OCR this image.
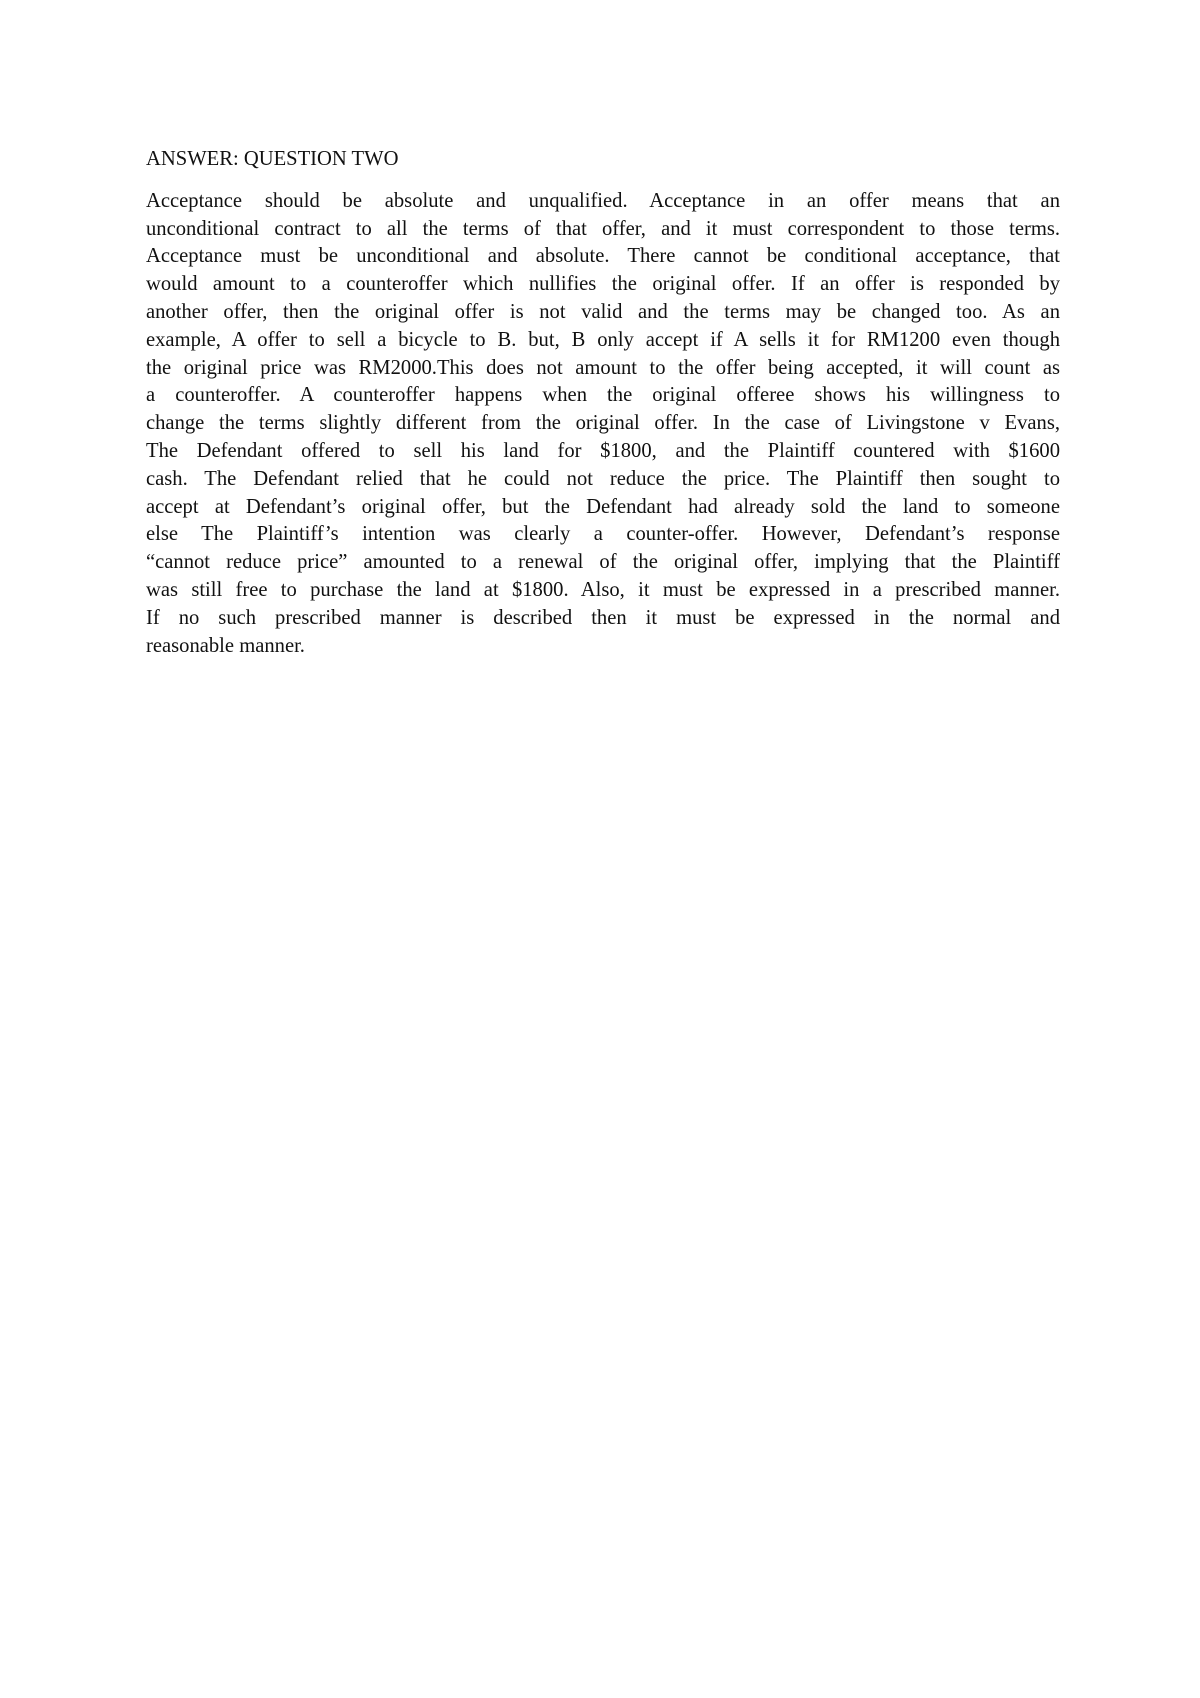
ANSWER: QUESTION TWO
Acceptance should be absolute and unqualified. Acceptance in an offer means that an
unconditional contract to all the terms of that offer, and it must correspondent to those terms.
Acceptance must be unconditional and absolute. There cannot be conditional acceptance, that
would amount to a counteroffer which nullifies the original offer. If an offer is responded by
another offer, then the original offer is not valid and the terms may be changed too. As an
example, A offer to sell a bicycle to B. but, B only accept if A sells it for RM1200 even though
the original price was RM2000.This does not amount to the offer being accepted, it will count as
a counteroffer. A counteroffer happens when the original offeree shows his willingness to
change the terms slightly different from the original offer. In the case of Livingstone v Evans,
The Defendant offered to sell his land for $1800, and the Plaintiff countered with $1600
cash. The Defendant relied that he could not reduce the price. The Plaintiff then sought to
accept at Defendant’s original offer, but the Defendant had already sold the land to someone
else The Plaintiff’s intention was clearly a counter-offer. However, Defendant’s response
“cannot reduce price” amounted to a renewal of the original offer, implying that the Plaintiff
was still free to purchase the land at $1800. Also, it must be expressed in a prescribed manner.
If no such prescribed manner is described then it must be expressed in the normal and
reasonable manner.
